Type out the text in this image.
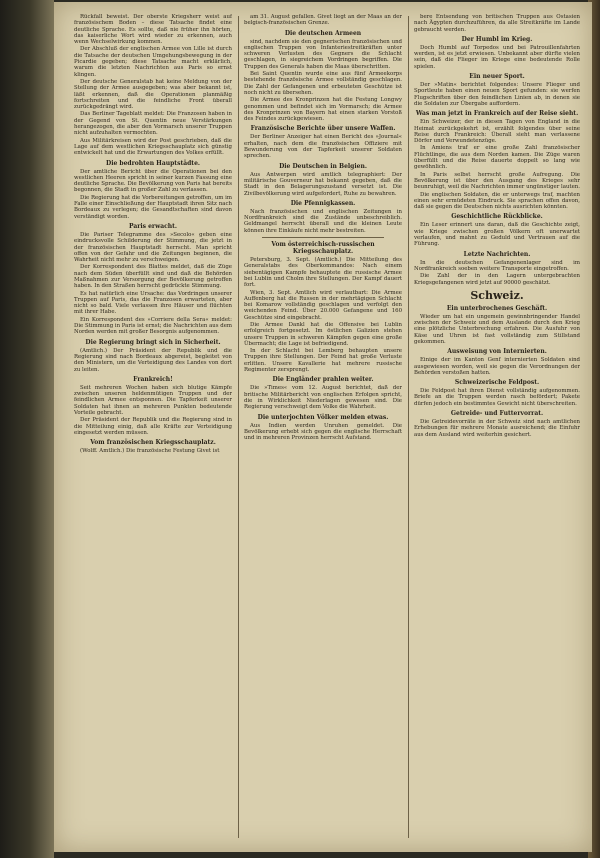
Rückfall beweist. Der oberste Kriegsherr weist auf französischem Boden – diese Tatsache findet eine deutliche Sprache. Es sollte, daß nie früher ihn hörten, das kaiserliche Wort wird wieder zu erkennen, auch wenn Wechselwirkung kommen.
Der Abschluß der englischen Armee von Lille ist durch die Tatsache der deutschen Umgehungsbewegung in der Picardie gegeben; diese Tatsache macht erklärlich, warum die letzten Nachrichten aus Paris so ernst klingen.
Der deutsche Generalstab hat keine Meldung von der Stellung der Armee ausgegeben; was aber bekannt ist, läßt erkennen, daß die Operationen planmäßig fortschreiten und die feindliche Front überall zurückgedrängt wird.
Das Berliner Tageblatt meldet: Die Franzosen haben in der Gegend von St. Quentin neue Verstärkungen herangezogen, die aber den Vormarsch unserer Truppen nicht aufzuhalten vermochten.
Aus Militärkreisen wird der Post geschrieben, daß die Lage auf dem westlichen Kriegsschauplatz sich günstig entwickelt hat und die Erwartungen des Volkes erfüllt.
Die bedrohten Hauptstädte.
Der amtliche Bericht über die Operationen bei den westlichen Heeren spricht in seiner kurzen Fassung eine deutliche Sprache. Die Bevölkerung von Paris hat bereits begonnen, die Stadt in großer Zahl zu verlassen.
Die Regierung hat die Vorbereitungen getroffen, um im Falle einer Einschließung der Hauptstadt ihren Sitz nach Bordeaux zu verlegen; die Gesandtschaften sind davon verständigt worden.
Paris erwacht.
Die Pariser Telegramme des »Secolo« geben eine eindrucksvolle Schilderung der Stimmung, die jetzt in der französischen Hauptstadt herrscht. Man spricht offen von der Gefahr und die Zeitungen beginnen, die Wahrheit nicht mehr zu verschweigen.
Der Korrespondent des Blattes meldet, daß die Züge nach dem Süden überfüllt sind und daß die Behörden Maßnahmen zur Versorgung der Bevölkerung getroffen haben. In den Straßen herrscht gedrückte Stimmung.
Es hat natürlich eine Ursache: das Vordringen unserer Truppen auf Paris, das die Franzosen erwarteten, aber nicht so bald. Viele verlassen ihre Häuser und flüchten mit ihrer Habe.
Ein Korrespondent des »Corriere della Sera« meldet: Die Stimmung in Paris ist ernst; die Nachrichten aus dem Norden werden mit großer Besorgnis aufgenommen.
Die Regierung bringt sich in Sicherheit.
(Amtlich.) Der Präsident der Republik und die Regierung sind nach Bordeaux abgereist, begleitet von den Ministern, um die Verteidigung des Landes von dort zu leiten.
Frankreich!
Seit mehreren Wochen haben sich blutige Kämpfe zwischen unseren heldenmütigen Truppen und der feindlichen Armee entsponnen. Die Tapferkeit unserer Soldaten hat ihnen an mehreren Punkten bedeutende Vorteile gebracht.
Der Präsident der Republik und die Regierung sind in die Mitteilung einig, daß alle Kräfte zur Verteidigung eingesetzt werden müssen.
Vom französischen Kriegsschauplatz.
(Wolff. Amtlich.) Die französische Festung Givet ist
am 31. August gefallen. Givet liegt an der Maas an der belgisch-französischen Grenze.
Die deutschen Armeen
sind, nachdem sie den gegnerischen französischen und englischen Truppen von Infanteriestreitkräften unter schweren Verlusten des Gegners die Schlacht geschlagen, in siegreichem Vordringen begriffen. Die Truppen des Generals haben die Maas überschritten.
Bei Saint Quentin wurde eine aus fünf Armeekorps bestehende französische Armee vollständig geschlagen. Die Zahl der Gefangenen und erbeuteten Geschütze ist noch nicht zu übersehen.
Die Armee des Kronprinzen hat die Festung Longwy genommen und befindet sich im Vormarsch; die Armee des Kronprinzen von Bayern hat einen starken Vorstoß des Feindes zurückgewiesen.
Französische Berichte über unsere Waffen.
Der Berliner Anzeiger hat einen Bericht des »Journal« erhalten, nach dem die französischen Offiziere mit Bewunderung von der Tapferkeit unserer Soldaten sprechen.
Die Deutschen in Belgien.
Aus Antwerpen wird amtlich telegraphiert: Der militärische Gouverneur hat bekannt gegeben, daß die Stadt in den Belagerungszustand versetzt ist. Die Zivilbevölkerung wird aufgefordert, Ruhe zu bewahren.
Die Pfennigkassen.
Nach französischen und englischen Zeitungen in Nordfrankreich sind die Zustände unbeschreiblich. Geldmangel herrscht überall und die kleinen Leute können ihre Einkäufe nicht mehr bestreiten.
Vom österreichisch-russischen Kriegsschauplatz.
Petersburg, 3. Sept. (Amtlich.) Die Mitteilung des Generalstabs des Oberkommandos: Nach einem siebentägigen Kampfe behauptete die russische Armee bei Lublin und Cholm ihre Stellungen. Der Kampf dauert fort.
Wien, 3. Sept. Amtlich wird verlautbart: Die Armee Auffenberg hat die Russen in der mehrtägigen Schlacht bei Komarow vollständig geschlagen und verfolgt den weichenden Feind. Über 20.000 Gefangene und 160 Geschütze sind eingebracht.
Die Armee Dankl hat die Offensive bei Lublin erfolgreich fortgesetzt. Im östlichen Galizien stehen unsere Truppen in schweren Kämpfen gegen eine große Übermacht; die Lage ist befriedigend.
In der Schlacht bei Lemberg behaupten unsere Truppen ihre Stellungen. Der Feind hat große Verluste erlitten. Unsere Kavallerie hat mehrere russische Regimenter zersprengt.
Die Engländer prahlen weiter.
Die »Times« vom 12. August berichtet, daß der britische Militärbericht von englischen Erfolgen spricht, die in Wirklichkeit Niederlagen gewesen sind. Die Regierung verschweigt dem Volke die Wahrheit.
Die unterjochten Völker melden etwas.
Aus Indien werden Unruhen gemeldet. Die Bevölkerung erhebt sich gegen die englische Herrschaft und in mehreren Provinzen herrscht Aufstand.
bere Entsendung von britischen Truppen aus Ostasien nach Ägypten durchzuführen, da alle Streitkräfte im Lande gebraucht werden.
Der Humbl im Krieg.
Doch Humbl auf Torpedos und bei Patrouillenfahrten werden, ist es jetzt erwiesen. Unbekannt aber dürfte vielen sein, daß die Flieger im Kriege eine bedeutende Rolle spielen.
Ein neuer Sport.
Der »Matin« berichtet folgendes: Unsere Flieger und Sportleute haben einen neuen Sport gefunden: sie werfen Flugschriften über den feindlichen Linien ab, in denen sie die Soldaten zur Übergabe auffordern.
Was man jetzt in Frankreich auf der Reise sieht.
Ein Schweizer, der in diesen Tagen von England in die Heimat zurückgekehrt ist, erzählt folgendes über seine Reise durch Frankreich: Überall sieht man verlassene Dörfer und Verwundetenzüge.
In Amiens traf er eine große Zahl französischer Flüchtlinge, die aus dem Norden kamen. Die Züge waren überfüllt und die Reise dauerte doppelt so lang wie gewöhnlich.
In Paris selbst herrscht große Aufregung. Die Bevölkerung ist über den Ausgang des Krieges sehr beunruhigt, weil die Nachrichten immer ungünstiger lauten.
Die englischen Soldaten, die er unterwegs traf, machten einen sehr ermüdeten Eindruck. Sie sprachen offen davon, daß sie gegen die Deutschen nichts ausrichten könnten.
Geschichtliche Rückblicke.
Ein Leser erinnert uns daran, daß die Geschichte zeigt, wie Kriege zwischen großen Völkern oft unerwartet verlaufen, und mahnt zu Geduld und Vertrauen auf die Führung.
Letzte Nachrichten.
In die deutschen Gefangenenlager sind im Nordfrankreich soeben weitere Transporte eingetroffen.
Die Zahl der in den Lagern untergebrachten Kriegsgefangenen wird jetzt auf 90000 geschätzt.
Schweiz.
Ein unterbrochenes Geschäft.
Wieder um hat ein ungemein gewinnbringender Handel zwischen der Schweiz und dem Auslande durch den Krieg eine plötzliche Unterbrechung erfahren. Die Ausfuhr von Käse und Uhren ist fast vollständig zum Stillstand gekommen.
Ausweisung von Internierten.
Einige der im Kanton Genf internierten Soldaten sind ausgewiesen worden, weil sie gegen die Verordnungen der Behörden verstoßen hatten.
Schweizerische Feldpost.
Die Feldpost hat ihren Dienst vollständig aufgenommen. Briefe an die Truppen werden rasch befördert; Pakete dürfen jedoch ein bestimmtes Gewicht nicht überschreiten.
Getreide- und Futtervorrat.
Die Getreidevorräte in der Schweiz sind nach amtlichen Erhebungen für mehrere Monate ausreichend; die Einfuhr aus dem Ausland wird weiterhin gesichert.
